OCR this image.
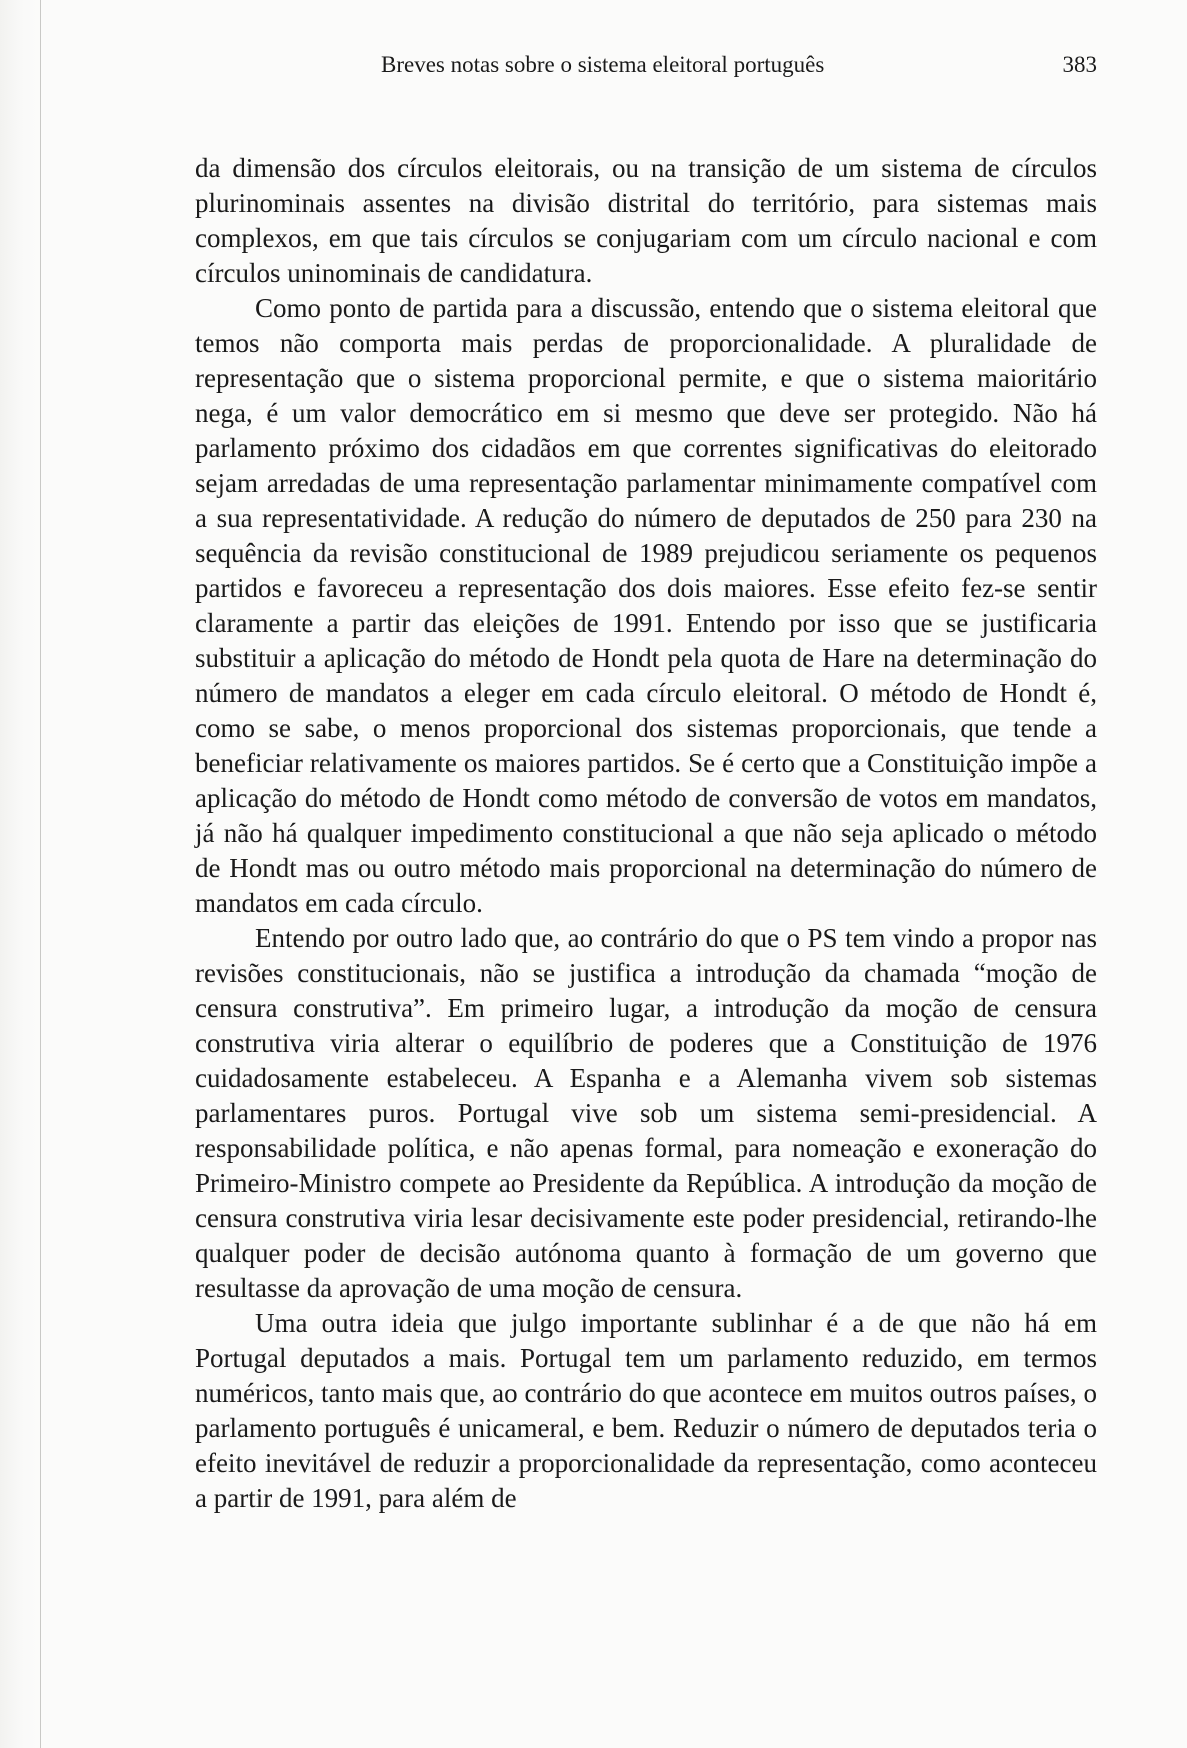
Breves notas sobre o sistema eleitoral português	383

da dimensão dos círculos eleitorais, ou na transição de um sistema de círculos plurinominais assentes na divisão distrital do território, para sistemas mais complexos, em que tais círculos se conjugariam com um círculo nacional e com círculos uninominais de candidatura.

Como ponto de partida para a discussão, entendo que o sistema eleitoral que temos não comporta mais perdas de proporcionalidade. A pluralidade de representação que o sistema proporcional permite, e que o sistema maioritário nega, é um valor democrático em si mesmo que deve ser protegido. Não há parlamento próximo dos cidadãos em que correntes significativas do eleitorado sejam arredadas de uma representação parlamentar minimamente compatível com a sua representatividade. A redução do número de deputados de 250 para 230 na sequência da revisão constitucional de 1989 prejudicou seriamente os pequenos partidos e favoreceu a representação dos dois maiores. Esse efeito fez-se sentir claramente a partir das eleições de 1991. Entendo por isso que se justificaria substituir a aplicação do método de Hondt pela quota de Hare na determinação do número de mandatos a eleger em cada círculo eleitoral. O método de Hondt é, como se sabe, o menos proporcional dos sistemas proporcionais, que tende a beneficiar relativamente os maiores partidos. Se é certo que a Constituição impõe a aplicação do método de Hondt como método de conversão de votos em mandatos, já não há qualquer impedimento constitucional a que não seja aplicado o método de Hondt mas ou outro método mais proporcional na determinação do número de mandatos em cada círculo.

Entendo por outro lado que, ao contrário do que o PS tem vindo a propor nas revisões constitucionais, não se justifica a introdução da chamada “moção de censura construtiva”. Em primeiro lugar, a introdução da moção de censura construtiva viria alterar o equilíbrio de poderes que a Constituição de 1976 cuidadosamente estabeleceu. A Espanha e a Alemanha vivem sob sistemas parlamentares puros. Portugal vive sob um sistema semi-presidencial. A responsabilidade política, e não apenas formal, para nomeação e exoneração do Primeiro-Ministro compete ao Presidente da República. A introdução da moção de censura construtiva viria lesar decisivamente este poder presidencial, retirando-lhe qualquer poder de decisão autónoma quanto à formação de um governo que resultasse da aprovação de uma moção de censura.

Uma outra ideia que julgo importante sublinhar é a de que não há em Portugal deputados a mais. Portugal tem um parlamento reduzido, em termos numéricos, tanto mais que, ao contrário do que acontece em muitos outros países, o parlamento português é unicameral, e bem. Reduzir o número de deputados teria o efeito inevitável de reduzir a proporcionalidade da representação, como aconteceu a partir de 1991, para além de
